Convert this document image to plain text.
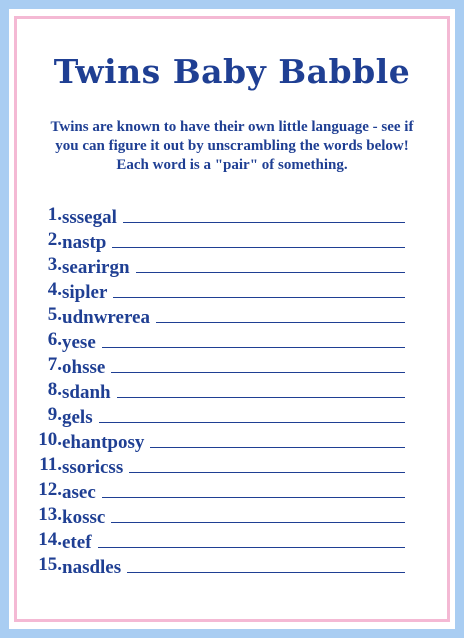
Twins Baby Babble

Twins are known to have their own little language - see if
you can figure it out by unscrambling the words below!
Each word is a "pair" of something.

1. sssegal
2. nastp
3. searirgn
4. sipler
5. udnwrerea
6. yese
7. ohsse
8. sdanh
9. gels
10. ehantposy
11. ssoricss
12. asec
13. kossc
14. etef
15. nasdles
